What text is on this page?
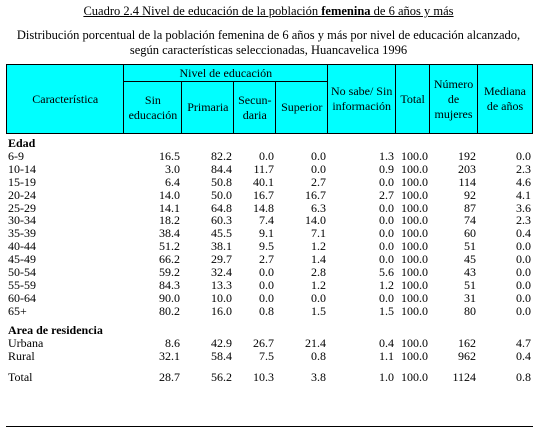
Cuadro 2.4 Nivel de educación de la población femenina de 6 años y más
Distribución porcentual de la población femenina de 6 años y más por nivel de educación alcanzado,
según características seleccionadas, Huancavelica 1996
Característica	Nivel de educación				No sabe/ Sin información	Total	Número de mujeres	Mediana de años
	Sin educación	Primaria	Secun- daria	Superior				
Edad								
6-9	16.5	82.2	0.0	0.0	1.3	100.0	192	0.0
10-14	3.0	84.4	11.7	0.0	0.9	100.0	203	2.3
15-19	6.4	50.8	40.1	2.7	0.0	100.0	114	4.6
20-24	14.0	50.0	16.7	16.7	2.7	100.0	92	4.1
25-29	14.1	64.8	14.8	6.3	0.0	100.0	87	3.6
30-34	18.2	60.3	7.4	14.0	0.0	100.0	74	2.3
35-39	38.4	45.5	9.1	7.1	0.0	100.0	60	0.4
40-44	51.2	38.1	9.5	1.2	0.0	100.0	51	0.0
45-49	66.2	29.7	2.7	1.4	0.0	100.0	45	0.0
50-54	59.2	32.4	0.0	2.8	5.6	100.0	43	0.0
55-59	84.3	13.3	0.0	1.2	1.2	100.0	51	0.0
60-64	90.0	10.0	0.0	0.0	0.0	100.0	31	0.0
65+	80.2	16.0	0.8	1.5	1.5	100.0	80	0.0

Area de residencia								
Urbana	8.6	42.9	26.7	21.4	0.4	100.0	162	4.7
Rural	32.1	58.4	7.5	0.8	1.1	100.0	962	0.4

Total	28.7	56.2	10.3	3.8	1.0	100.0	1124	0.8
